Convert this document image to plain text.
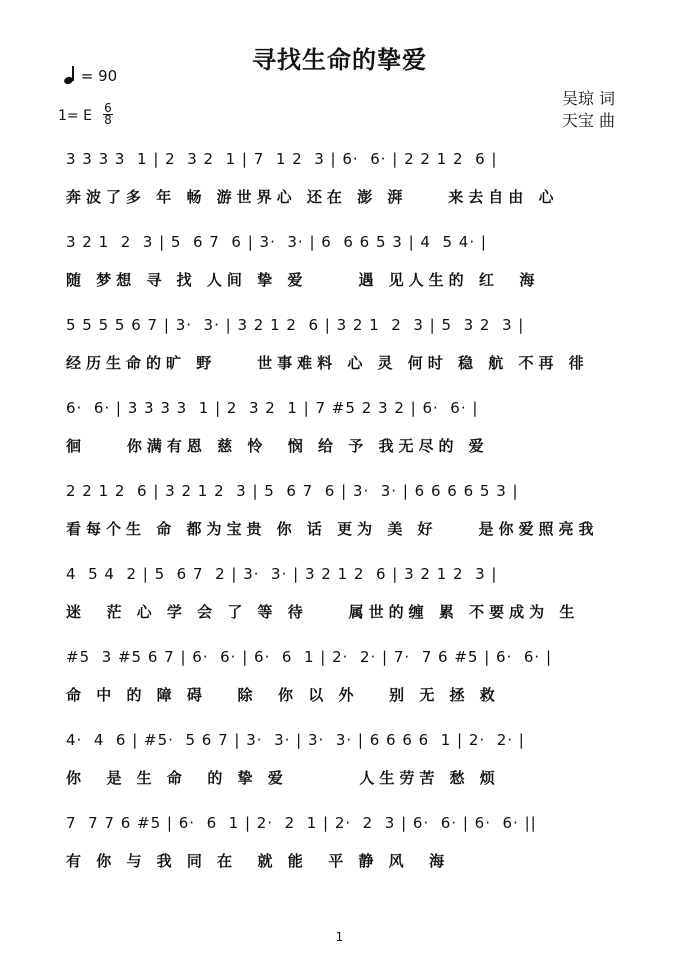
寻找生命的挚爱
= 90
1= E 6
8
吴琼 词
天宝 曲
3 3 3 3  1 | 2  3 2  1 | 7  1 2  3 | 6·  6· | 2 2 1 2  6 |
奔波了多 年 畅 游世界心 还在 澎 湃    来去自由 心
3 2 1  2  3 | 5  6 7  6 | 3·  3· | 6  6 6 5 3 | 4  5 4· |
随 梦想 寻 找 人间 挚 爱     遇 见人生的 红  海
5 5 5 5 6 7 | 3·  3· | 3 2 1 2  6 | 3 2 1  2  3 | 5  3 2  3 |
经历生命的旷 野    世事难料 心 灵 何时 稳 航 不再 徘
6·  6· | 3 3 3 3  1 | 2  3 2  1 | 7 #5 2 3 2 | 6·  6· |
徊    你满有恩 慈 怜  悯 给 予 我无尽的 爱
2 2 1 2  6 | 3 2 1 2  3 | 5  6 7  6 | 3·  3· | 6 6 6 6 5 3 |
看每个生 命 都为宝贵 你 话 更为 美 好    是你爱照亮我
4  5 4  2 | 5  6 7  2 | 3·  3· | 3 2 1 2  6 | 3 2 1 2  3 |
迷  茫 心 学 会 了 等 待    属世的缠 累 不要成为 生
#5  3 #5 6 7 | 6·  6· | 6·  6  1 | 2·  2· | 7·  7 6 #5 | 6·  6· |
命 中 的 障 碍   除  你 以 外   别 无 拯 救
4·  4  6 | #5·  5 6 7 | 3·  3· | 3·  3· | 6 6 6 6  1 | 2·  2· |
你  是 生 命  的 挚 爱       人生劳苦 愁 烦
7  7 7 6 #5 | 6·  6  1 | 2·  2  1 | 2·  2  3 | 6·  6· | 6·  6· ||
有 你 与 我 同 在  就 能  平 静 风  海
1
